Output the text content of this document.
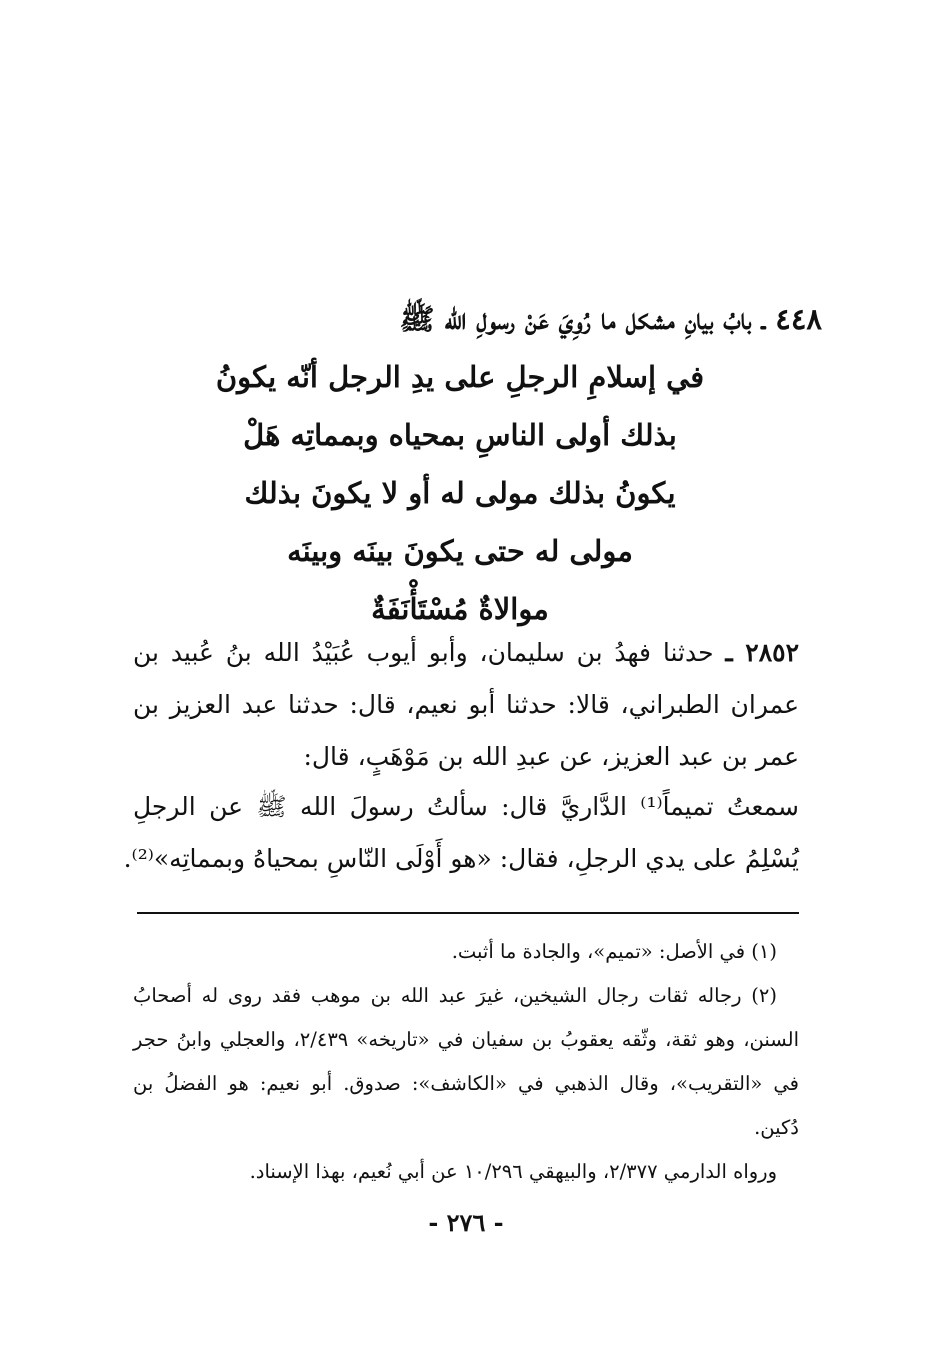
٤٤٨ ـ بابُ بيانِ مشكل ما رُوِيَ عَنْ رسولِ الله ﷺ
في إسلامِ الرجلِ على يدِ الرجل أنّه يكونُ
بذلك أولى الناسِ بمحياه وبمماتِه هَلْ
يكونُ بذلك مولى له أو لا يكونَ بذلك
مولى له حتى يكونَ بينَه وبينَه
موالاةٌ مُسْتَأْنَفَةٌ
٢٨٥٢ ـ حدثنا فهدُ بن سليمان، وأبو أيوب عُبَيْدُ الله بنُ عُبيد بن
عمران الطبراني، قالا: حدثنا أبو نعيم، قال: حدثنا عبد العزيز بن
عمر بن عبد العزيز، عن عبدِ الله بن مَوْهَبٍ، قال:
سمعتُ تميماً⁽¹⁾ الدَّاريَّ قال: سألتُ رسولَ الله ﷺ عن الرجلِ
يُسْلِمُ على يدي الرجلِ، فقال: «هو أَوْلَى النّاسِ بمحياهُ وبمماتِه»⁽²⁾.
(١) في الأصل: «تميم»، والجادة ما أثبت.
(٢) رجاله ثقات رجال الشيخين، غيرَ عبد الله بن موهب فقد روى له أصحابُ
السنن، وهو ثقة، وثّقه يعقوبُ بن سفيان في «تاريخه» ٢/٤٣٩، والعجلي وابنُ حجر
في «التقريب»، وقال الذهبي في «الكاشف»: صدوق. أبو نعيم: هو الفضلُ بن
دُكين.
ورواه الدارمي ٢/٣٧٧، والبيهقي ١٠/٢٩٦ عن أبي نُعيم، بهذا الإسناد.
- ٢٧٦ -
